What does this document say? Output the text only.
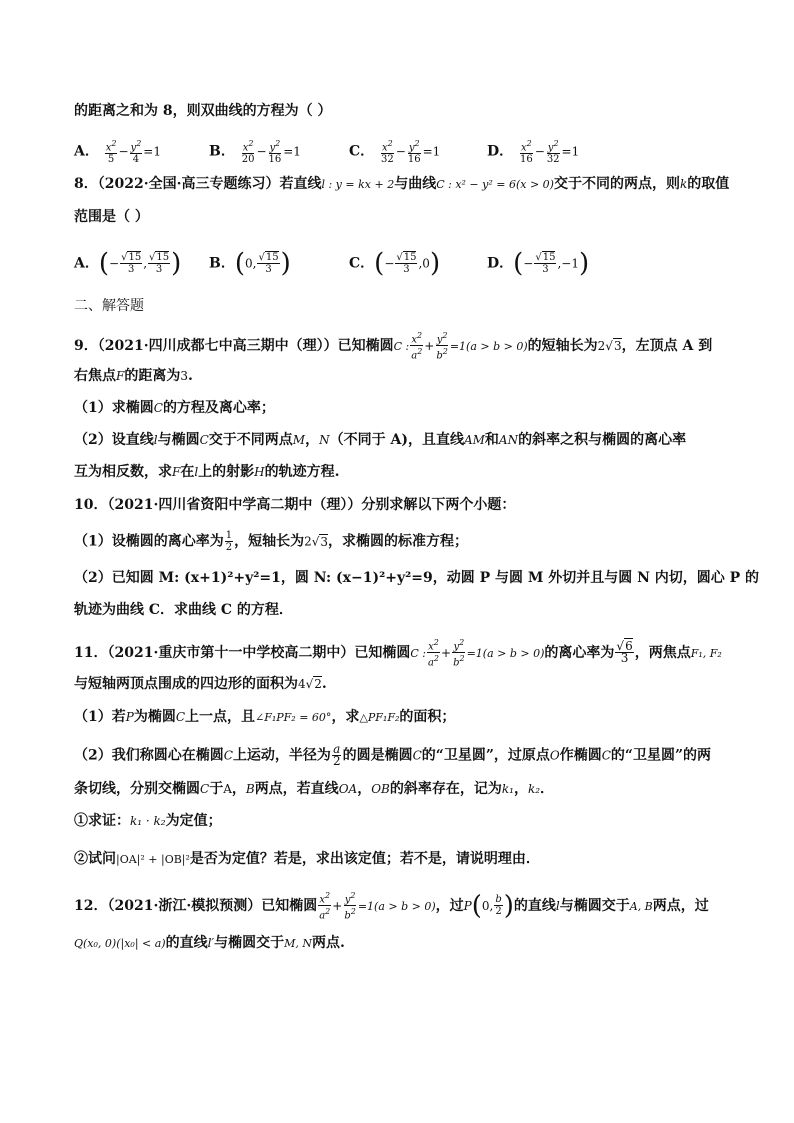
的距离之和为 8，则双曲线的方程为（ ）
A． $\frac{x^2}{5} - \frac{y^2}{4} =1$	B． $\frac{x^2}{20} - \frac{y^2}{16} =1$	C． $\frac{x^2}{32} - \frac{y^2}{16} =1$	D． $\frac{x^2}{16} - \frac{y^2}{32} =1$
8．（2022·全国·高三专题练习）若直线l : y = kx + 2与曲线C : x² − y² = 6(x > 0)交于不同的两点，则k的取值
范围是（ ）
A．(− $\frac{√15}{3}$ , $\frac{√15}{3}$ ) B．(0, $\frac{√15}{3}$ )	C．(− $\frac{√15}{3} ,0$)	D．(− $\frac{√15}{3} ,-1$)
二、解答题
9．（2021·四川成都七中高三期中（理））已知椭圆C : $\frac{x^2}{a^2} + \frac{y^2}{b^2} =1(a > b > 0)$的短轴长为2√3，左顶点 A 到
右焦点F的距离为3.
（1）求椭圆C的方程及离心率；
（2）设直线l与椭圆C交于不同两点M，N（不同于 A)，且直线AM和AN的斜率之积与椭圆的离心率
互为相反数，求F在l上的射影H的轨迹方程.
10．（2021·四川省资阳中学高二期中（理））分别求解以下两个小题：
（1）设椭圆的离心率为 $\frac{1}{2}$ ，短轴长为2√3，求椭圆的标准方程；
（2）已知圆 M: (x+1)²+y²=1，圆 N: (x−1)²+y²=9，动圆 P 与圆 M 外切并且与圆 N 内切，圆心 P 的
轨迹为曲线 C．求曲线 C 的方程．
11．（2021·重庆市第十一中学校高二期中）已知椭圆C : $\frac{x^2}{a^2} + \frac{y^2}{b^2} =1(a > b > 0)$的离心率为 $\frac{√6}{3}$ ，两焦点F₁, F₂
与短轴两顶点围成的四边形的面积为4√2.
（1）若P为椭圆C上一点，且∠F₁PF₂ = 60°，求△PF₁F₂的面积；
（2）我们称圆心在椭圆C上运动，半径为 $\frac{a}{2}$ 的圆是椭圆C的“卫星圆”，过原点O作椭圆C的“卫星圆”的两
条切线，分别交椭圆C于A，B两点，若直线OA，OB的斜率存在，记为k₁，k₂．
①求证：k₁ · k₂为定值；
②试问|OA|² + |OB|²是否为定值？若是，求出该定值；若不是，请说明理由．
12．（2021·浙江·模拟预测）已知椭圆 $\frac{x^2}{a^2} + \frac{y^2}{b^2} =1(a > b > 0)$，过P(0, $\frac{b}{2}$ )的直线l与椭圆交于A, B两点，过
Q(x₀, 0)(|x₀| < a)的直线l′与椭圆交于M, N两点.
